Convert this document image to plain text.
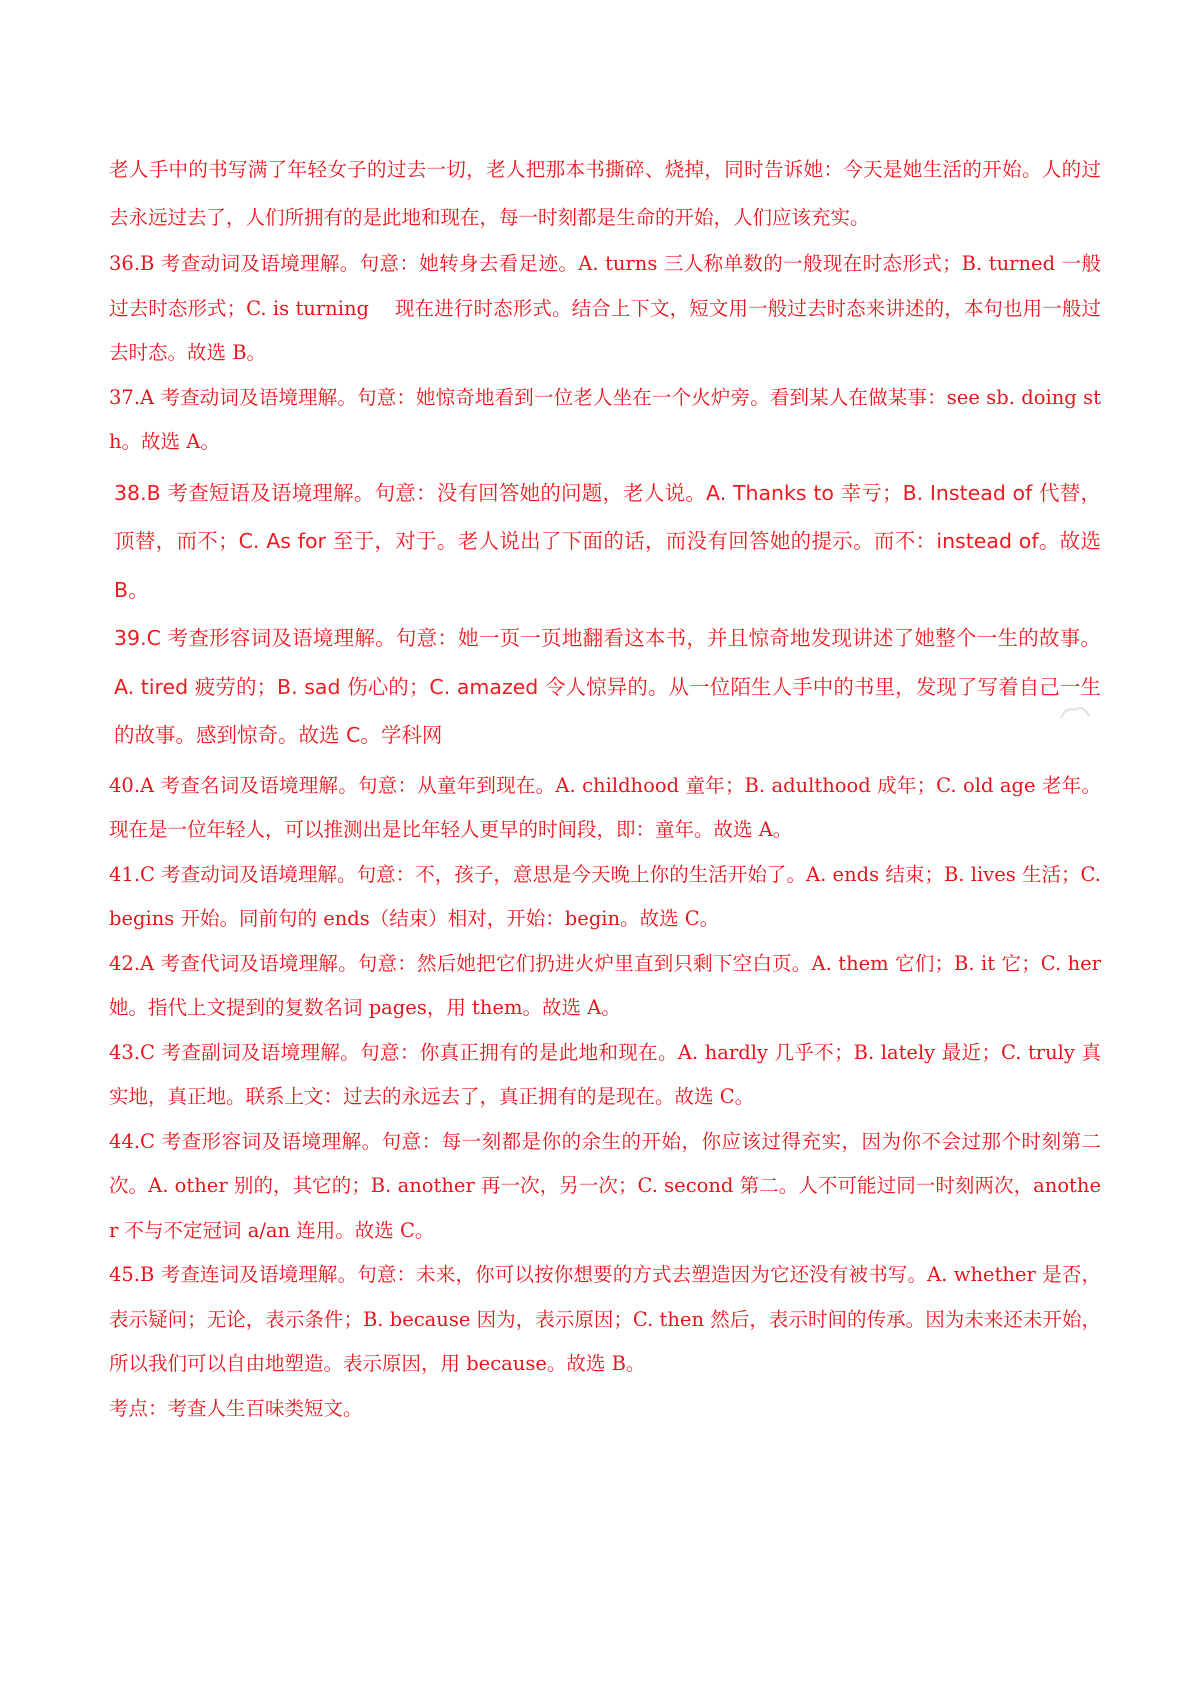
老人手中的书写满了年轻女子的过去一切，老人把那本书撕碎、烧掉，同时告诉她：今天是她生活的开始。人的过去永远过去了，人们所拥有的是此地和现在，每一时刻都是生命的开始，人们应该充实。

36.B 考查动词及语境理解。句意：她转身去看足迹。A. turns 三人称单数的一般现在时态形式；B. turned 一般过去时态形式；C. is turning　 现在进行时态形式。结合上下文，短文用一般过去时态来讲述的，本句也用一般过去时态。故选 B。

37.A 考查动词及语境理解。句意：她惊奇地看到一位老人坐在一个火炉旁。看到某人在做某事：see sb. doing sth。故选 A。

38.B 考查短语及语境理解。句意：没有回答她的问题，老人说。A. Thanks to 幸亏；B. Instead of 代替，顶替，而不；C. As for 至于，对于。老人说出了下面的话，而没有回答她的提示。而不：instead of。故选 B。

39.C 考查形容词及语境理解。句意：她一页一页地翻看这本书，并且惊奇地发现讲述了她整个一生的故事。A. tired 疲劳的；B. sad 伤心的；C. amazed 令人惊异的。从一位陌生人手中的书里，发现了写着自己一生的故事。感到惊奇。故选 C。学科网

40.A 考查名词及语境理解。句意：从童年到现在。A. childhood 童年；B. adulthood 成年；C. old age 老年。现在是一位年轻人，可以推测出是比年轻人更早的时间段，即：童年。故选 A。

41.C 考查动词及语境理解。句意：不，孩子，意思是今天晚上你的生活开始了。A. ends 结束；B. lives 生活；C. begins 开始。同前句的 ends（结束）相对，开始：begin。故选 C。

42.A 考查代词及语境理解。句意：然后她把它们扔进火炉里直到只剩下空白页。A. them 它们；B. it 它；C. her 她。指代上文提到的复数名词 pages，用 them。故选 A。

43.C 考查副词及语境理解。句意：你真正拥有的是此地和现在。A. hardly 几乎不；B. lately 最近；C. truly 真实地，真正地。联系上文：过去的永远去了，真正拥有的是现在。故选 C。

44.C 考查形容词及语境理解。句意：每一刻都是你的余生的开始，你应该过得充实，因为你不会过那个时刻第二次。A. other 别的，其它的；B. another 再一次，另一次；C. second 第二。人不可能过同一时刻两次，another 不与不定冠词 a/an 连用。故选 C。

45.B 考查连词及语境理解。句意：未来，你可以按你想要的方式去塑造因为它还没有被书写。A. whether 是否，表示疑问；无论，表示条件；B. because 因为，表示原因；C. then 然后，表示时间的传承。因为未来还未开始，所以我们可以自由地塑造。表示原因，用 because。故选 B。

考点：考查人生百味类短文。
